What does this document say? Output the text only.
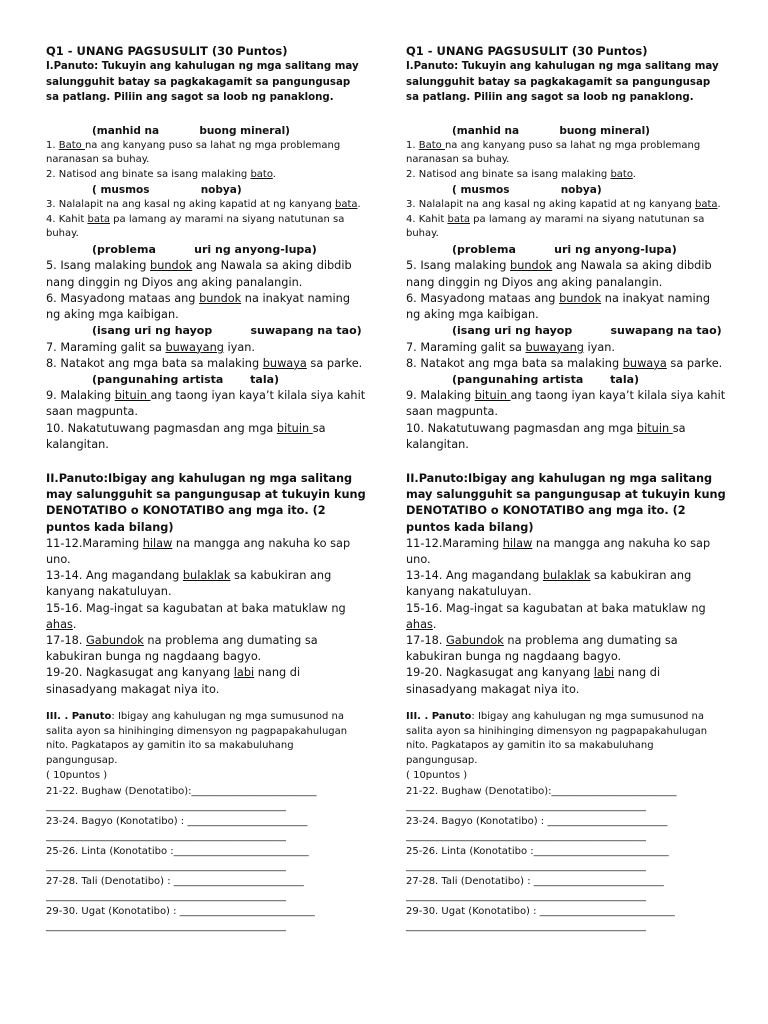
Q1 - UNANG PAGSUSULIT (30 Puntos)
I.Panuto: Tukuyin ang kahulugan ng mga salitang may salungguhit batay sa pagkakagamit sa pangungusap sa patlang. Piliin ang sagot sa loob ng panaklong.
(manhid na           buong mineral)
1. Bato na ang kanyang puso sa lahat ng mga problemang naranasan sa buhay.
2. Natisod ang binate sa isang malaking bato.
( musmos              nobya)
3. Nalalapit na ang kasal ng aking kapatid at ng kanyang bata.
4. Kahit bata pa lamang ay marami na siyang natutunan sa buhay.
(problema          uri ng anyong-lupa)
5. Isang malaking bundok ang Nawala sa aking dibdib nang dinggin ng Diyos ang aking panalangin.
6. Masyadong mataas ang bundok na inakyat naming ng aking mga kaibigan.
(isang uri ng hayop          suwapang na tao)
7. Maraming galit sa buwayang iyan.
8. Natakot ang mga bata sa malaking buwaya sa parke.
(pangunahing artista       tala)
9. Malaking bituin ang taong iyan kaya’t kilala siya kahit saan magpunta.
10. Nakatutuwang pagmasdan ang mga bituin sa kalangitan.
II.Panuto:Ibigay ang kahulugan ng mga salitang may salungguhit sa pangungusap at tukuyin kung DENOTATIBO o KONOTATIBO ang mga ito. (2 puntos kada bilang)
11-12.Maraming hilaw na mangga ang nakuha ko sap uno.
13-14. Ang magandang bulaklak sa kabukiran ang kanyang nakatuluyan.
15-16. Mag-ingat sa kagubatan at baka matuklaw ng ahas.
17-18. Gabundok na problema ang dumating sa kabukiran bunga ng nagdaang bagyo.
19-20. Nagkasugat ang kanyang labi nang di sinasadyang makagat niya ito.
III. . Panuto: Ibigay ang kahulugan ng mga sumusunod na salita ayon sa hinihinging dimensyon ng pagpapakahulugan nito. Pagkatapos ay gamitin ito sa makabuluhang pangungusap.
( 10puntos )
21-22. Bughaw (Denotatibo):_________________________
________________________________________________
23-24. Bagyo (Konotatibo) : ________________________
________________________________________________
25-26. Linta (Konotatibo :___________________________
________________________________________________
27-28. Tali (Denotatibo) : __________________________
________________________________________________
29-30. Ugat (Konotatibo) : ___________________________
________________________________________________
Q1 - UNANG PAGSUSULIT (30 Puntos)
I.Panuto: Tukuyin ang kahulugan ng mga salitang may salungguhit batay sa pagkakagamit sa pangungusap sa patlang. Piliin ang sagot sa loob ng panaklong.
(manhid na           buong mineral)
1. Bato na ang kanyang puso sa lahat ng mga problemang naranasan sa buhay.
2. Natisod ang binate sa isang malaking bato.
( musmos              nobya)
3. Nalalapit na ang kasal ng aking kapatid at ng kanyang bata.
4. Kahit bata pa lamang ay marami na siyang natutunan sa buhay.
(problema          uri ng anyong-lupa)
5. Isang malaking bundok ang Nawala sa aking dibdib nang dinggin ng Diyos ang aking panalangin.
6. Masyadong mataas ang bundok na inakyat naming ng aking mga kaibigan.
(isang uri ng hayop          suwapang na tao)
7. Maraming galit sa buwayang iyan.
8. Natakot ang mga bata sa malaking buwaya sa parke.
(pangunahing artista       tala)
9. Malaking bituin ang taong iyan kaya’t kilala siya kahit saan magpunta.
10. Nakatutuwang pagmasdan ang mga bituin sa kalangitan.
II.Panuto:Ibigay ang kahulugan ng mga salitang may salungguhit sa pangungusap at tukuyin kung DENOTATIBO o KONOTATIBO ang mga ito. (2 puntos kada bilang)
11-12.Maraming hilaw na mangga ang nakuha ko sap uno.
13-14. Ang magandang bulaklak sa kabukiran ang kanyang nakatuluyan.
15-16. Mag-ingat sa kagubatan at baka matuklaw ng ahas.
17-18. Gabundok na problema ang dumating sa kabukiran bunga ng nagdaang bagyo.
19-20. Nagkasugat ang kanyang labi nang di sinasadyang makagat niya ito.
III. . Panuto: Ibigay ang kahulugan ng mga sumusunod na salita ayon sa hinihinging dimensyon ng pagpapakahulugan nito. Pagkatapos ay gamitin ito sa makabuluhang pangungusap.
( 10puntos )
21-22. Bughaw (Denotatibo):_________________________
________________________________________________
23-24. Bagyo (Konotatibo) : ________________________
________________________________________________
25-26. Linta (Konotatibo :___________________________
________________________________________________
27-28. Tali (Denotatibo) : __________________________
________________________________________________
29-30. Ugat (Konotatibo) : ___________________________
________________________________________________
